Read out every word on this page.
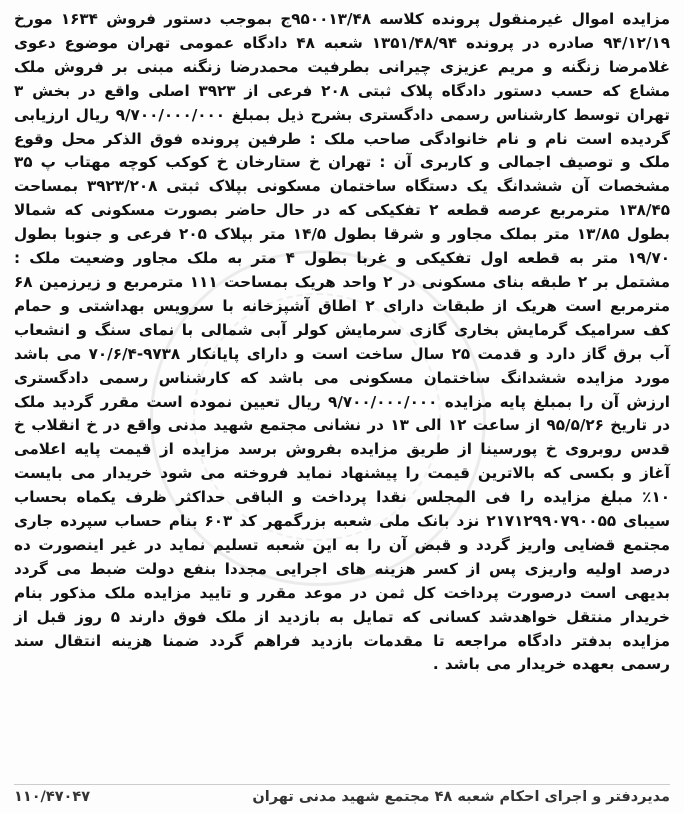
مزایده اموال غیرمنقول پرونده کلاسه ۹۵۰۰۱۳/۴۸ج بموجب دستور فروش ۱۶۳۴ مورخ ۹۴/۱۲/۱۹ صادره در پرونده ۱۳۵۱/۴۸/۹۴ شعبه ۴۸ دادگاه عمومی تهران موضوع دعوی غلامرضا زنگنه و مریم عزیزی چیرانی بطرفیت محمدرضا زنگنه مبنی بر فروش ملک مشاع که حسب دستور دادگاه پلاک ثبتی ۲۰۸ فرعی از ۳۹۲۳ اصلی واقع در بخش ۳ تهران توسط کارشناس رسمی دادگستری بشرح ذیل بمبلغ ۹/۷۰۰/۰۰۰/۰۰۰ ریال ارزیابی گردیده است نام و نام خانوادگی صاحب ملک : طرفین پرونده فوق الذکر محل وقوع ملک و توصیف اجمالی و کاربری آن : تهران خ ستارخان خ کوکب کوچه مهتاب پ ۳۵ مشخصات آن ششدانگ یک دستگاه ساختمان مسکونی بپلاک ثبتی ۳۹۲۳/۲۰۸ بمساحت ۱۳۸/۴۵ مترمربع عرصه قطعه ۲ تفکیکی که در حال حاضر بصورت مسکونی که شمالا بطول ۱۳/۸۵ متر بملک مجاور و شرقا بطول ۱۴/۵ متر بپلاک ۲۰۵ فرعی و جنوبا بطول ۱۹/۷۰ متر به قطعه اول تفکیکی و غربا بطول ۴ متر به ملک مجاور وضعیت ملک : مشتمل بر ۲ طبقه بنای مسکونی در ۲ واحد هریک بمساحت ۱۱۱ مترمربع و زیرزمین ۶۸ مترمربع است هریک از طبقات دارای ۲ اطاق آشپزخانه با سرویس بهداشتی و حمام کف سرامیک گرمایش بخاری گازی سرمایش کولر آبی شمالی با نمای سنگ و انشعاب آب برق گاز دارد و قدمت ۲۵ سال ساخت است و دارای پایانکار ۹۷۳۸-۷۰/۶/۴ می باشد مورد مزایده ششدانگ ساختمان مسکونی می باشد که کارشناس رسمی دادگستری ارزش آن را بمبلغ پایه مزایده ۹/۷۰۰/۰۰۰/۰۰۰ ریال تعیین نموده است مقرر گردید ملک در تاریخ ۹۵/۵/۲۶ از ساعت ۱۲ الی ۱۳ در نشانی مجتمع شهید مدنی واقع در خ انقلاب خ قدس روبروی خ پورسینا از طریق مزایده بفروش برسد مزایده از قیمت پایه اعلامی آغاز و بکسی که بالاترین قیمت را پیشنهاد نماید فروخته می شود خریدار می بایست ۱۰٪ مبلغ مزایده را فی المجلس نقدا پرداخت و الباقی حداکثر ظرف یکماه بحساب سیبای ۲۱۷۱۲۹۹۰۷۹۰۰۵۵ نزد بانک ملی شعبه بزرگمهر کد ۶۰۳ بنام حساب سپرده جاری مجتمع قضایی واریز گردد و قبض آن را به این شعبه تسلیم نماید در غیر اینصورت ده درصد اولیه واریزی پس از کسر هزینه های اجرایی مجددا بنفع دولت ضبط می گردد بدیهی است درصورت پرداخت کل ثمن در موعد مقرر و تایید مزایده ملک مذکور بنام خریدار منتقل خواهدشد کسانی که تمایل به بازدید از ملک فوق دارند ۵ روز قبل از مزایده بدفتر دادگاه مراجعه تا مقدمات بازدید فراهم گردد ضمنا هزینه انتقال سند رسمی بعهده خریدار می باشد .

مدیردفتر و اجرای احکام شعبه ۴۸ مجتمع شهید مدنی تهران
۱۱۰/۴۷۰۴۷
